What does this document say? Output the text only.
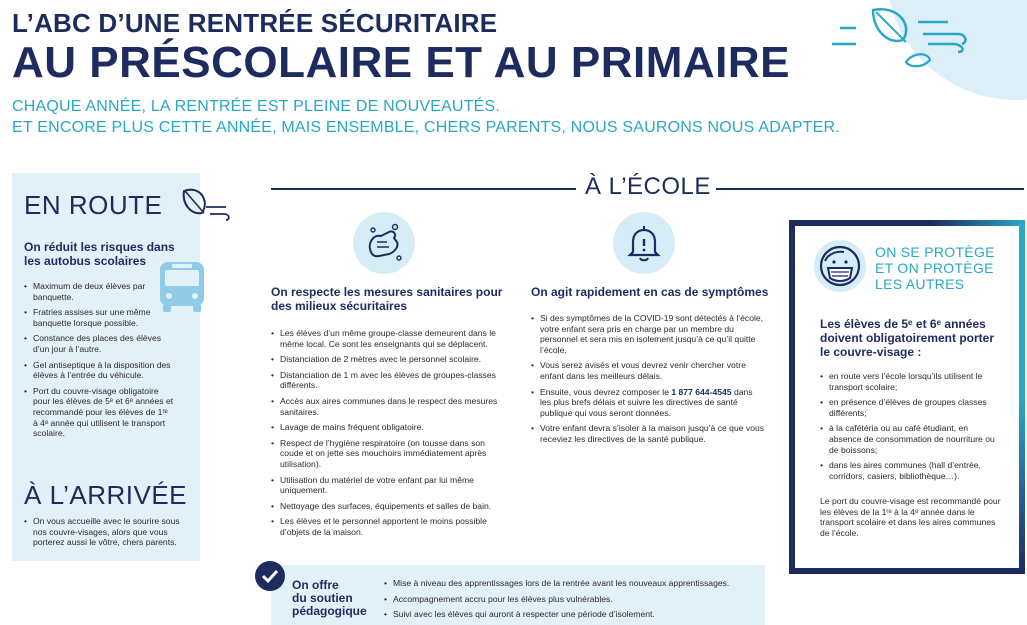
L’ABC D’UNE RENTRÉE SÉCURITAIRE
AU PRÉSCOLAIRE ET AU PRIMAIRE
CHAQUE ANNÉE, LA RENTRÉE EST PLEINE DE NOUVEAUTÉS.
ET ENCORE PLUS CETTE ANNÉE, MAIS ENSEMBLE, CHERS PARENTS, NOUS SAURONS NOUS ADAPTER.
EN ROUTE
On réduit les risques dans les autobus scolaires
• Maximum de deux élèves par banquette.
• Fratries assises sur une même banquette lorsque possible.
• Constance des places des élèves d’un jour à l’autre.
• Gel antiseptique à la disposition des élèves à l’entrée du véhicule.
• Port du couvre-visage obligatoire pour les élèves de 5ᵉ et 6ᵉ années et recommandé pour les élèves de 1ʳᵉ à 4ᵉ année qui utilisent le transport scolaire.
À L’ARRIVÉE
• On vous accueille avec le sourire sous nos couvre-visages, alors que vous porterez aussi le vôtre, chers parents.
À L’ÉCOLE
On respecte les mesures sanitaires pour des milieux sécuritaires
• Les élèves d’un même groupe-classe demeurent dans le même local. Ce sont les enseignants qui se déplacent.
• Distanciation de 2 mètres avec le personnel scolaire.
• Distanciation de 1 m avec les élèves de groupes-classes différents.
• Accès aux aires communes dans le respect des mesures sanitaires.
• Lavage de mains fréquent obligatoire.
• Respect de l’hygiène respiratoire (on tousse dans son coude et on jette ses mouchoirs immédiatement après utilisation).
• Utilisation du matériel de votre enfant par lui même uniquement.
• Nettoyage des surfaces, équipements et salles de bain.
• Les élèves et le personnel apportent le moins possible d’objets de la maison.
On agit rapidement en cas de symptômes
• Si des symptômes de la COVID-19 sont détectés à l’école, votre enfant sera pris en charge par un membre du personnel et sera mis en isolement jusqu’à ce qu’il quitte l’école.
• Vous serez avisés et vous devrez venir chercher votre enfant dans les meilleurs délais.
• Ensuite, vous devrez composer le 1 877 644-4545 dans les plus brefs délais et suivre les directives de santé publique qui vous seront données.
• Votre enfant devra s’isoler à la maison jusqu’à ce que vous receviez les directives de la santé publique.
ON SE PROTÈGE
ET ON PROTÈGE
LES AUTRES
Les élèves de 5ᵉ et 6ᵉ années doivent obligatoirement porter le couvre-visage :
• en route vers l’école lorsqu’ils utilisent le transport scolaire;
• en présence d’élèves de groupes classes différents;
• à la cafétéria ou au café étudiant, en absence de consommation de nourriture ou de boissons;
• dans les aires communes (hall d’entrée, corridors, casiers, bibliothèque…).
Le port du couvre-visage est recommandé pour les élèves de la 1ʳᵉ à la 4ᵉ année dans le transport scolaire et dans les aires communes de l’école.
On offre
du soutien
pédagogique
• Mise à niveau des apprentissages lors de la rentrée avant les nouveaux apprentissages.
• Accompagnement accru pour les élèves plus vulnérables.
• Suivi avec les élèves qui auront à respecter une période d’isolement.
